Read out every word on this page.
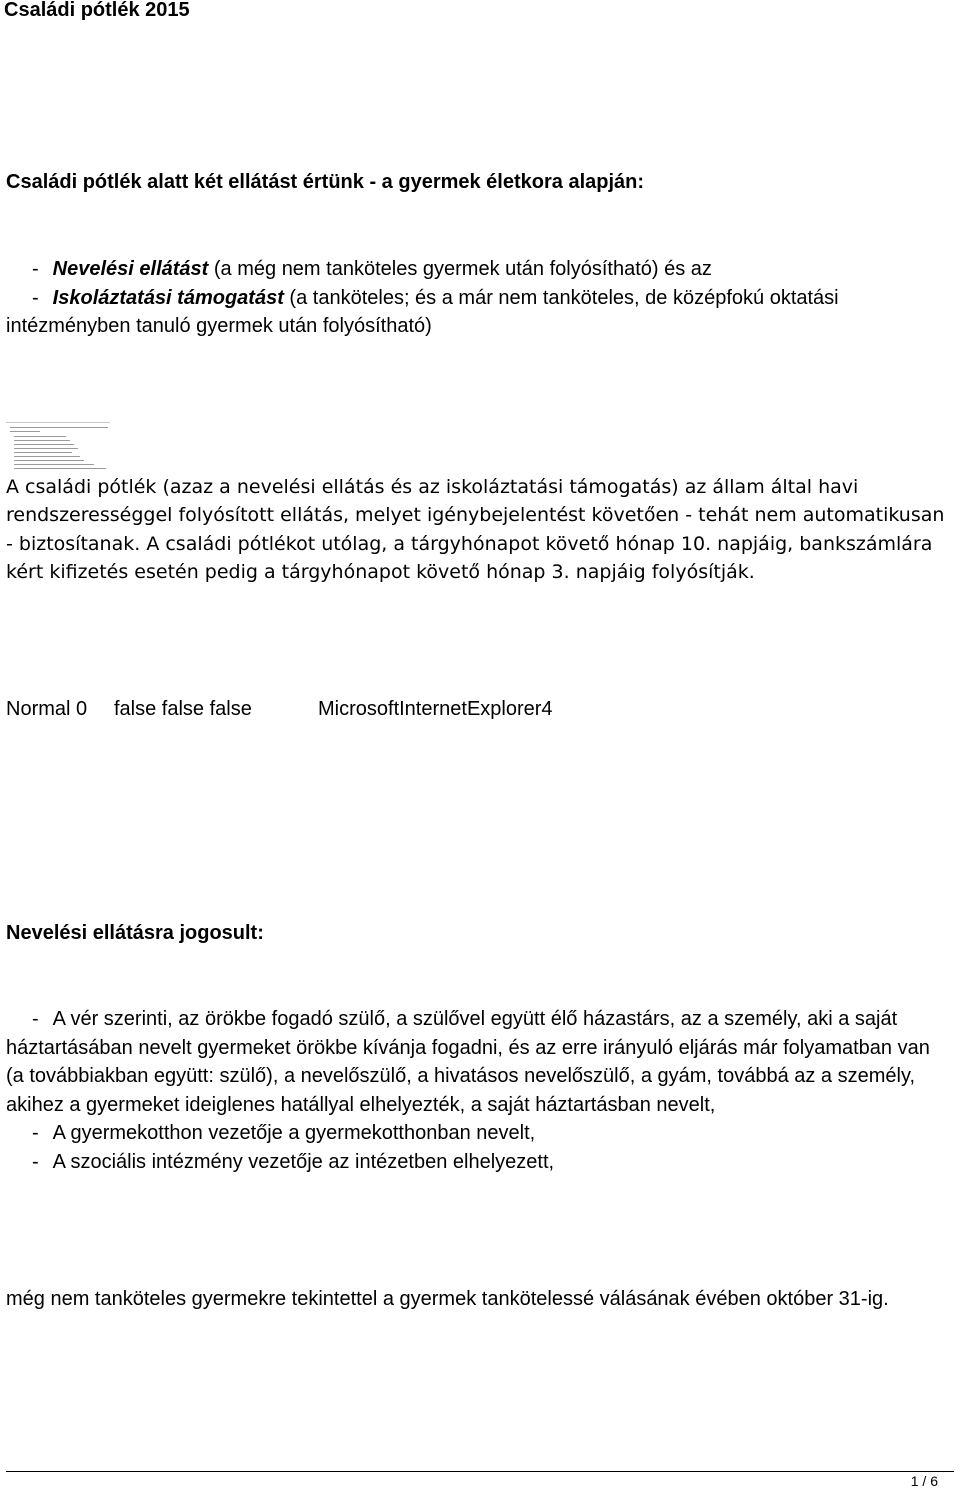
Családi pótlék 2015
Családi pótlék alatt két ellátást értünk - a gyermek életkora alapján:
- Nevelési ellátást (a még nem tanköteles gyermek után folyósítható) és az
- Iskoláztatási támogatást (a tanköteles; és a már nem tanköteles, de középfokú oktatási intézményben tanuló gyermek után folyósítható)
A családi pótlék (azaz a nevelési ellátás és az iskoláztatási támogatás) az állam által havi rendszerességgel folyósított ellátás, melyet igénybejelentést követően - tehát nem automatikusan - biztosítanak. A családi pótlékot utólag, a tárgyhónapot követő hónap 10. napjáig, bankszámlára kért kifizetés esetén pedig a tárgyhónapot követő hónap 3. napjáig folyósítják.
Normal 0 false false false	MicrosoftInternetExplorer4
Nevelési ellátásra jogosult:
- A vér szerinti, az örökbe fogadó szülő, a szülővel együtt élő házastárs, az a személy, aki a saját háztartásában nevelt gyermeket örökbe kívánja fogadni, és az erre irányuló eljárás már folyamatban van (a továbbiakban együtt: szülő), a nevelőszülő, a hivatásos nevelőszülő, a gyám, továbbá az a személy, akihez a gyermeket ideiglenes hatállyal elhelyezték, a saját háztartásban nevelt,
- A gyermekotthon vezetője a gyermekotthonban nevelt,
- A szociális intézmény vezetője az intézetben elhelyezett,
még nem tanköteles gyermekre tekintettel a gyermek tankötelessé válásának évében október 31-ig.
1 / 6
